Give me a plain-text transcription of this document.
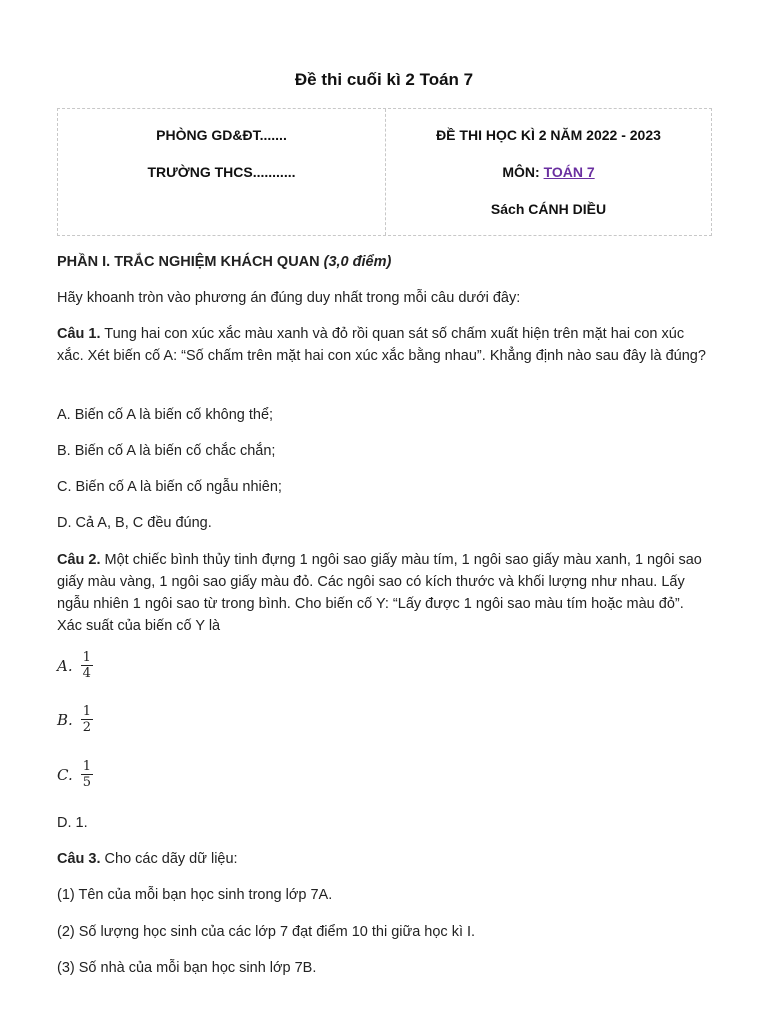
Đề thi cuối kì 2 Toán 7
PHÒNG GD&ĐT.......
TRƯỜNG THCS...........
ĐỀ THI HỌC KÌ 2 NĂM 2022 - 2023
MÔN: TOÁN 7
Sách CÁNH DIỀU

PHẦN I. TRẮC NGHIỆM KHÁCH QUAN (3,0 điểm)

Hãy khoanh tròn vào phương án đúng duy nhất trong mỗi câu dưới đây:

Câu 1. Tung hai con xúc xắc màu xanh và đỏ rồi quan sát số chấm xuất hiện trên mặt hai con xúc xắc. Xét biến cố A: “Số chấm trên mặt hai con xúc xắc bằng nhau”. Khẳng định nào sau đây là đúng?

A. Biến cố A là biến cố không thể;

B. Biến cố A là biến cố chắc chắn;

C. Biến cố A là biến cố ngẫu nhiên;

D. Cả A, B, C đều đúng.

Câu 2. Một chiếc bình thủy tinh đựng 1 ngôi sao giấy màu tím, 1 ngôi sao giấy màu xanh, 1 ngôi sao giấy màu vàng, 1 ngôi sao giấy màu đỏ. Các ngôi sao có kích thước và khối lượng như nhau. Lấy ngẫu nhiên 1 ngôi sao từ trong bình. Cho biến cố Y: “Lấy được 1 ngôi sao màu tím hoặc màu đỏ”. Xác suất của biến cố Y là

A. $\frac{1}{4}$
B. $\frac{1}{2}$
C. $\frac{1}{5}$

D. 1.

Câu 3. Cho các dãy dữ liệu:

(1) Tên của mỗi bạn học sinh trong lớp 7A.

(2) Số lượng học sinh của các lớp 7 đạt điểm 10 thi giữa học kì I.

(3) Số nhà của mỗi bạn học sinh lớp 7B.
